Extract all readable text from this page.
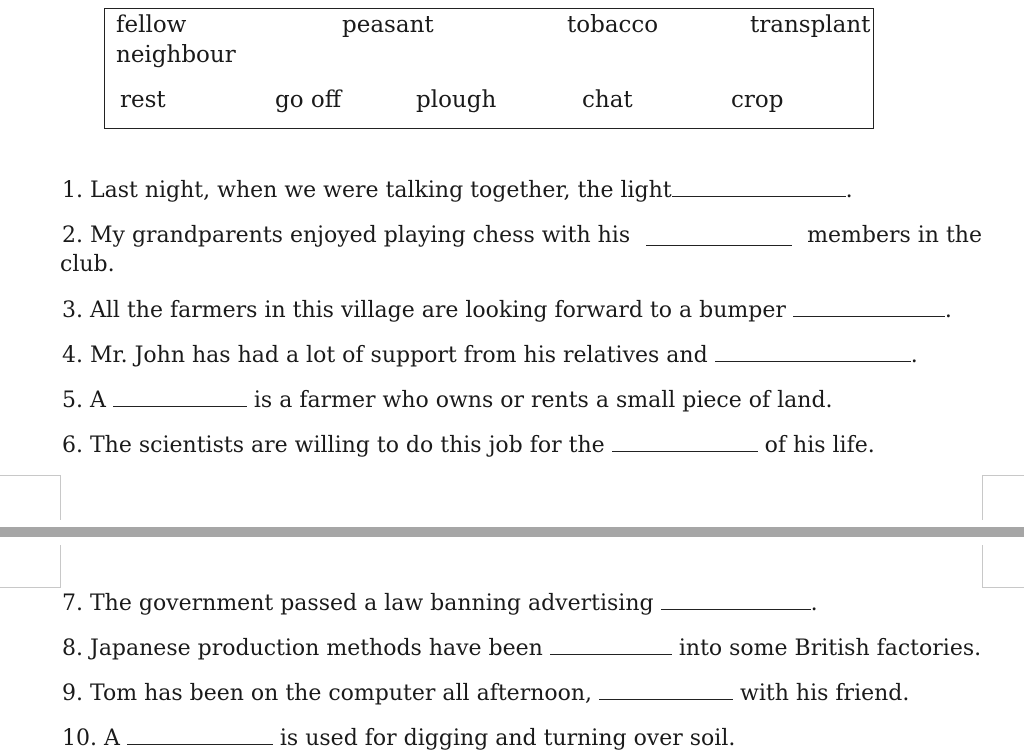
fellow
neighbour
peasant	tobacco	transplant
rest	go off	plough	chat	crop
1. Last night, when we were talking together, the light	.
2. My grandparents enjoyed playing chess with his	members in the
club.
3. All the farmers in this village are looking forward to a bumper	.
4. Mr. John has had a lot of support from his relatives and	.
5. A	is a farmer who owns or rents a small piece of land.
6. The scientists are willing to do this job for the	of his life.
7. The government passed a law banning advertising	.
8. Japanese production methods have been	into some British factories.
9. Tom has been on the computer all afternoon,	with his friend.
10. A	is used for digging and turning over soil.
